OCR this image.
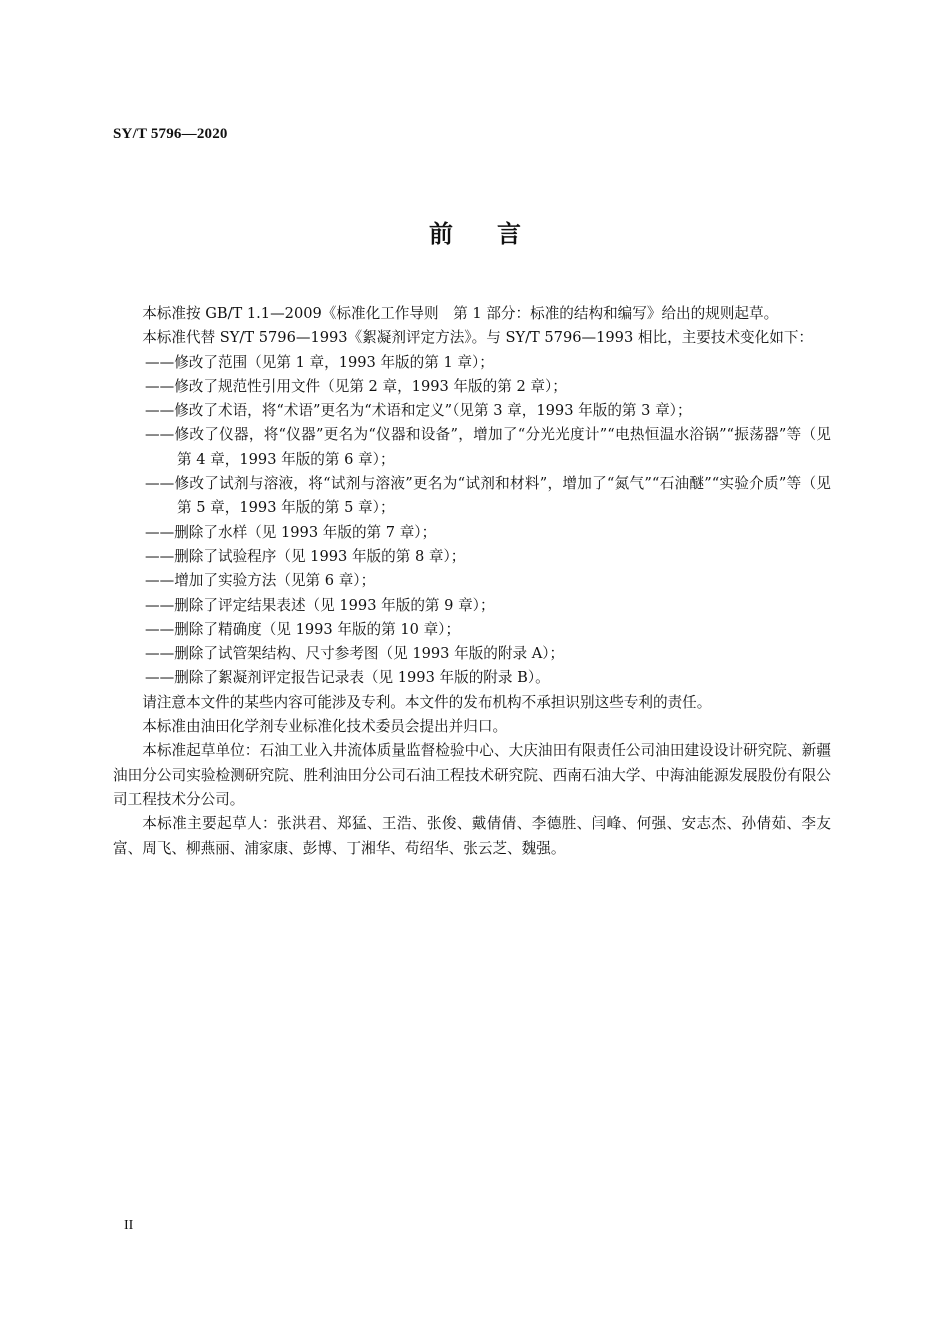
SY/T 5796—2020
前言

本标准按 GB/T 1.1—2009《标准化工作导则　第 1 部分：标准的结构和编写》给出的规则起草。

本标准代替 SY/T 5796—1993《絮凝剂评定方法》。与 SY/T 5796—1993 相比，主要技术变化如下：

——修改了范围（见第 1 章，1993 年版的第 1 章）；

——修改了规范性引用文件（见第 2 章，1993 年版的第 2 章）；

——修改了术语，将“术语”更名为“术语和定义”（见第 3 章，1993 年版的第 3 章）；

——修改了仪器，将“仪器”更名为“仪器和设备”，增加了“分光光度计”“电热恒温水浴锅”“振荡器”等（见第 4 章，1993 年版的第 6 章）；

——修改了试剂与溶液，将“试剂与溶液”更名为“试剂和材料”，增加了“氮气”“石油醚”“实验介质”等（见第 5 章，1993 年版的第 5 章）；

——删除了水样（见 1993 年版的第 7 章）；

——删除了试验程序（见 1993 年版的第 8 章）；

——增加了实验方法（见第 6 章）；

——删除了评定结果表述（见 1993 年版的第 9 章）；

——删除了精确度（见 1993 年版的第 10 章）；

——删除了试管架结构、尺寸参考图（见 1993 年版的附录 A）；

——删除了絮凝剂评定报告记录表（见 1993 年版的附录 B）。

请注意本文件的某些内容可能涉及专利。本文件的发布机构不承担识别这些专利的责任。

本标准由油田化学剂专业标准化技术委员会提出并归口。

本标准起草单位：石油工业入井流体质量监督检验中心、大庆油田有限责任公司油田建设设计研究院、新疆油田分公司实验检测研究院、胜利油田分公司石油工程技术研究院、西南石油大学、中海油能源发展股份有限公司工程技术分公司。

本标准主要起草人：张洪君、郑猛、王浩、张俊、戴倩倩、李德胜、闫峰、何强、安志杰、孙倩茹、李友富、周飞、柳燕丽、浦家康、彭博、丁湘华、苟绍华、张云芝、魏强。

II
